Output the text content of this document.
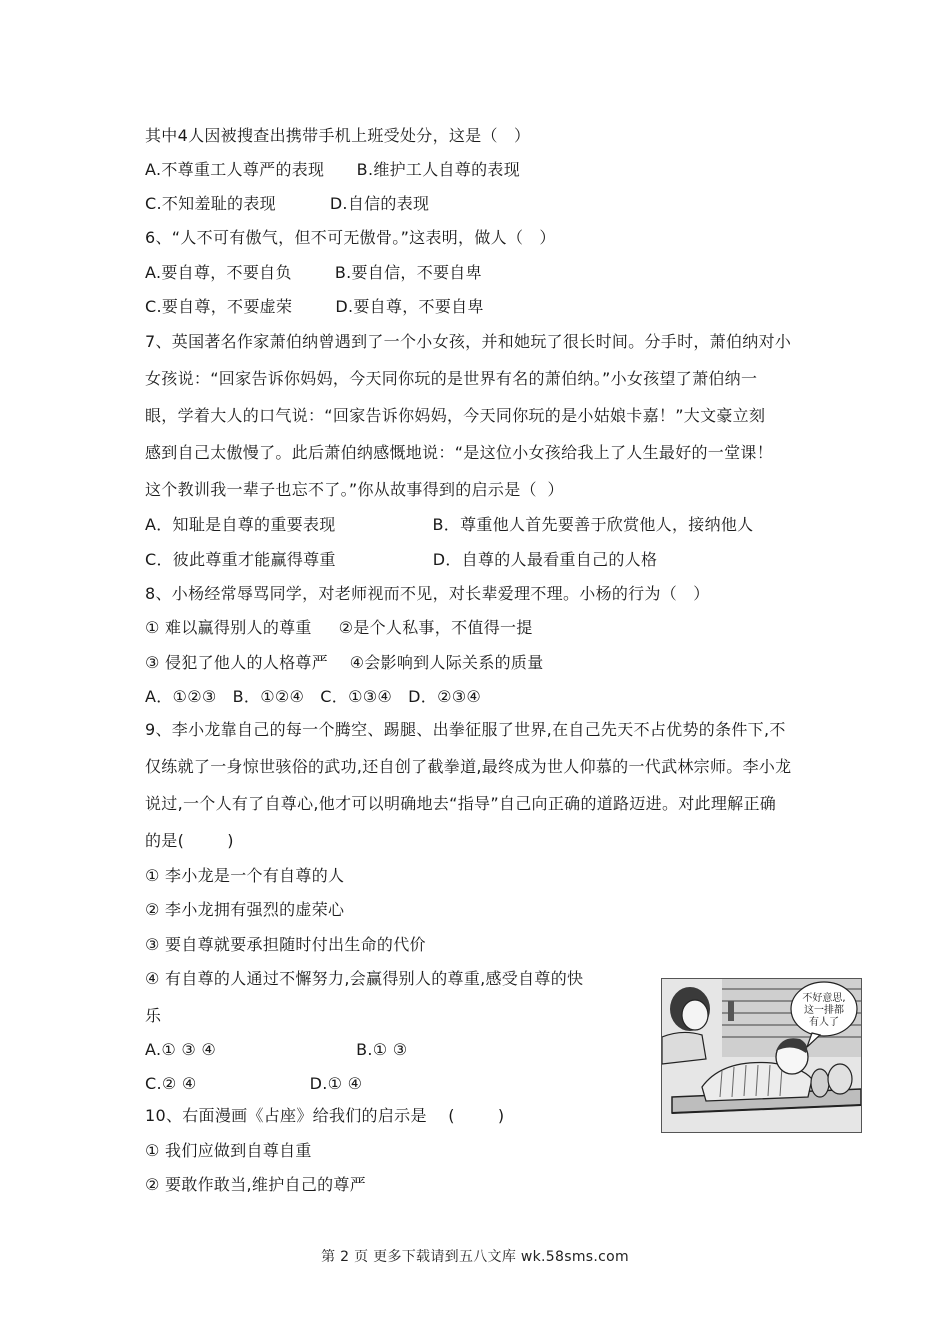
其中4人因被搜查出携带手机上班受处分，这是（   ）
A.不尊重工人尊严的表现      B.维护工人自尊的表现
C.不知羞耻的表现          D.自信的表现
6、“人不可有傲气，但不可无傲骨。”这表明，做人（   ）
A.要自尊，不要自负        B.要自信，不要自卑
C.要自尊，不要虚荣        D.要自尊，不要自卑
7、英国著名作家萧伯纳曾遇到了一个小女孩，并和她玩了很长时间。分手时，萧伯纳对小
女孩说：“回家告诉你妈妈，今天同你玩的是世界有名的萧伯纳。”小女孩望了萧伯纳一
眼，学着大人的口气说：“回家告诉你妈妈，今天同你玩的是小姑娘卡嘉！”大文豪立刻
感到自己太傲慢了。此后萧伯纳感慨地说：“是这位小女孩给我上了人生最好的一堂课！
这个教训我一辈子也忘不了。”你从故事得到的启示是（  ）
A．知耻是自尊的重要表现                  B．尊重他人首先要善于欣赏他人，接纳他人
C．彼此尊重才能赢得尊重                  D．自尊的人最看重自己的人格
8、小杨经常辱骂同学，对老师视而不见，对长辈爱理不理。小杨的行为（   ）
① 难以赢得别人的尊重     ②是个人私事，不值得一提
③ 侵犯了他人的人格尊严    ④会影响到人际关系的质量
A．①②③   B．①②④   C．①③④   D．②③④
9、李小龙靠自己的每一个腾空、踢腿、出拳征服了世界,在自己先天不占优势的条件下,不
仅练就了一身惊世骇俗的武功,还自创了截拳道,最终成为世人仰慕的一代武林宗师。李小龙
说过,一个人有了自尊心,他才可以明确地去“指导”自己向正确的道路迈进。对此理解正确
的是(        )
① 李小龙是一个有自尊的人
② 李小龙拥有强烈的虚荣心
③ 要自尊就要承担随时付出生命的代价
④ 有自尊的人通过不懈努力,会赢得别人的尊重,感受自尊的快
乐
A.① ③ ④                          B.① ③
C.② ④                     D.① ④
10、右面漫画《占座》给我们的启示是    (        )
① 我们应做到自尊自重
② 要敢作敢当,维护自己的尊严
不好意思,
这一排都
有人了
第 2 页 更多下载请到五八文库 wk.58sms.com
